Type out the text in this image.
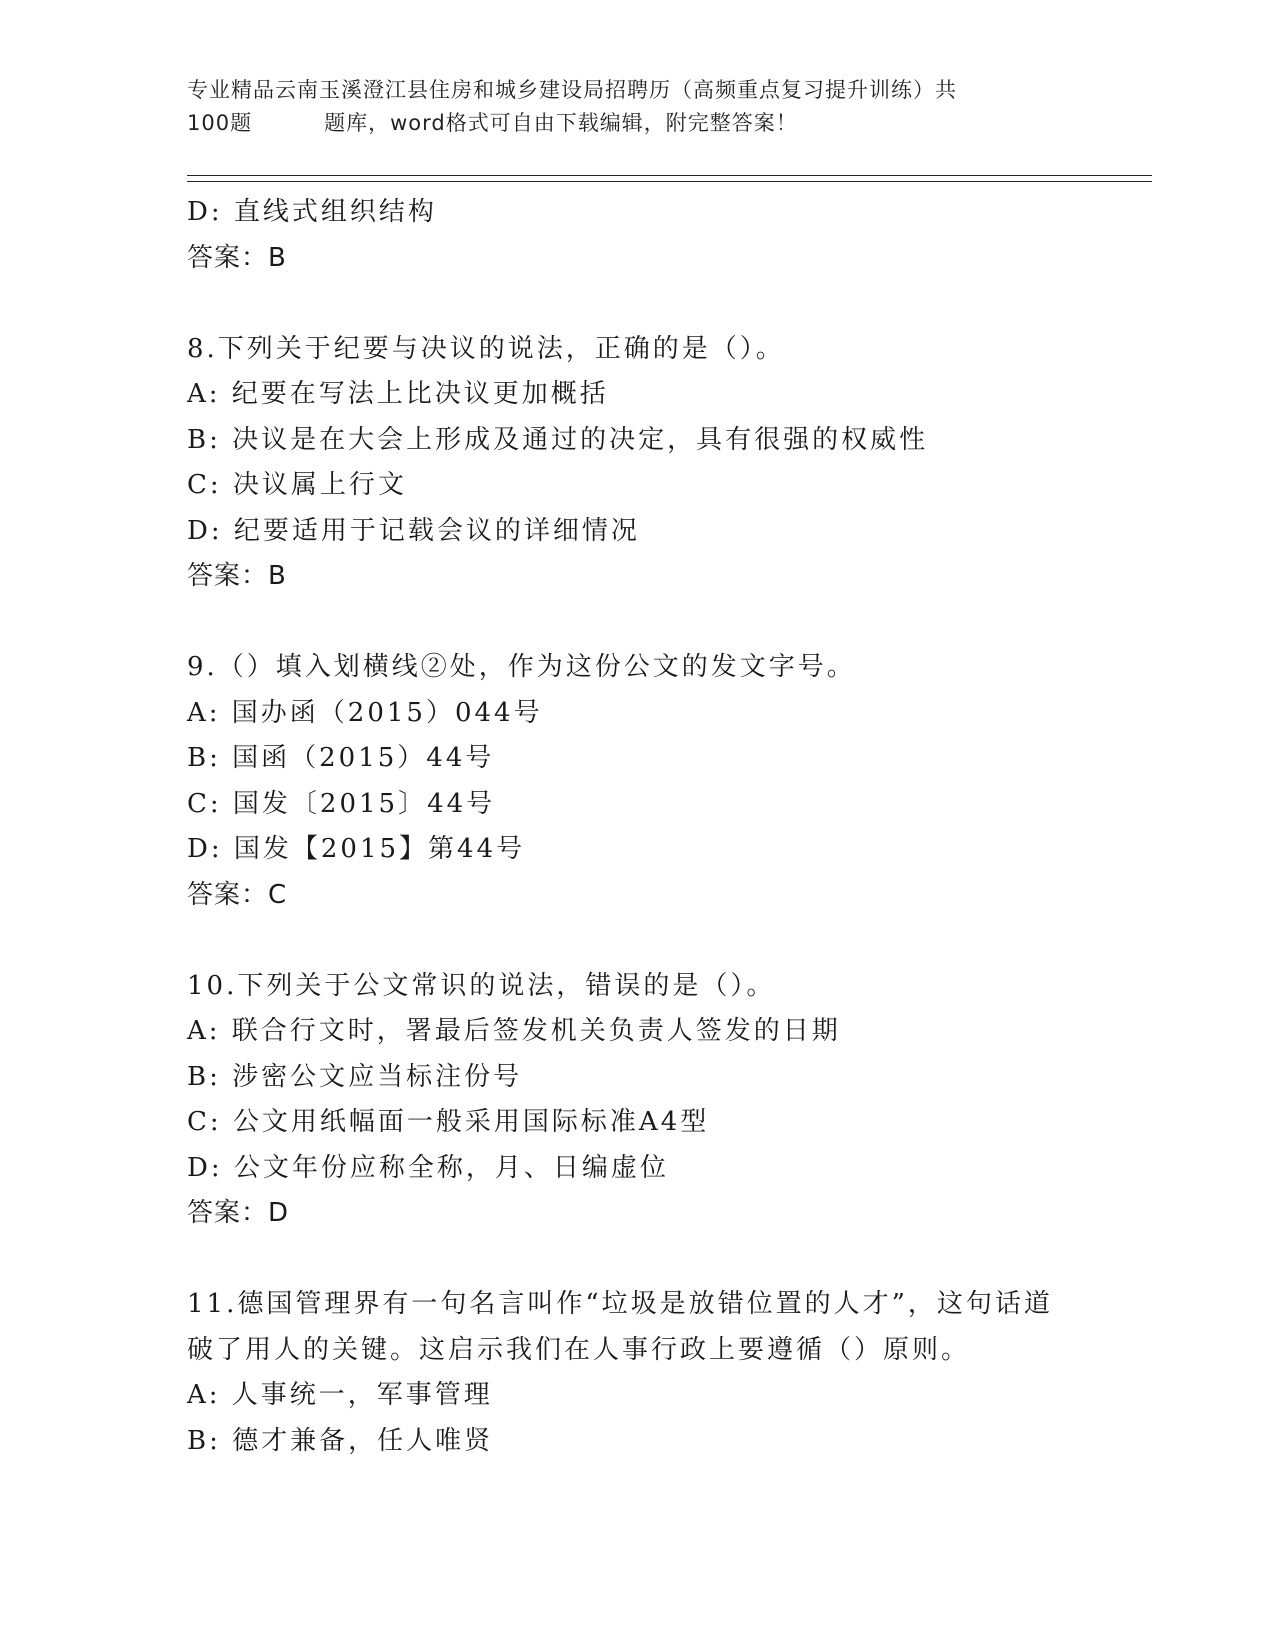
专业精品云南玉溪澄江县住房和城乡建设局招聘历（高频重点复习提升训练）共
100题	题库，word格式可自由下载编辑，附完整答案！
D: 直线式组织结构
答案：B
8.下列关于纪要与决议的说法，正确的是（）。
A: 纪要在写法上比决议更加概括
B: 决议是在大会上形成及通过的决定，具有很强的权威性
C: 决议属上行文
D: 纪要适用于记载会议的详细情况
答案：B
9.（）填入划横线②处，作为这份公文的发文字号。
A: 国办函（2015）044号
B: 国函（2015）44号
C: 国发〔2015〕44号
D: 国发【2015】第44号
答案：C
10.下列关于公文常识的说法，错误的是（）。
A: 联合行文时，署最后签发机关负责人签发的日期
B: 涉密公文应当标注份号
C: 公文用纸幅面一般采用国际标准A4型
D: 公文年份应称全称，月、日编虚位
答案：D
11.德国管理界有一句名言叫作“垃圾是放错位置的人才”，这句话道
破了用人的关键。这启示我们在人事行政上要遵循（）原则。
A: 人事统一，军事管理
B: 德才兼备，任人唯贤
